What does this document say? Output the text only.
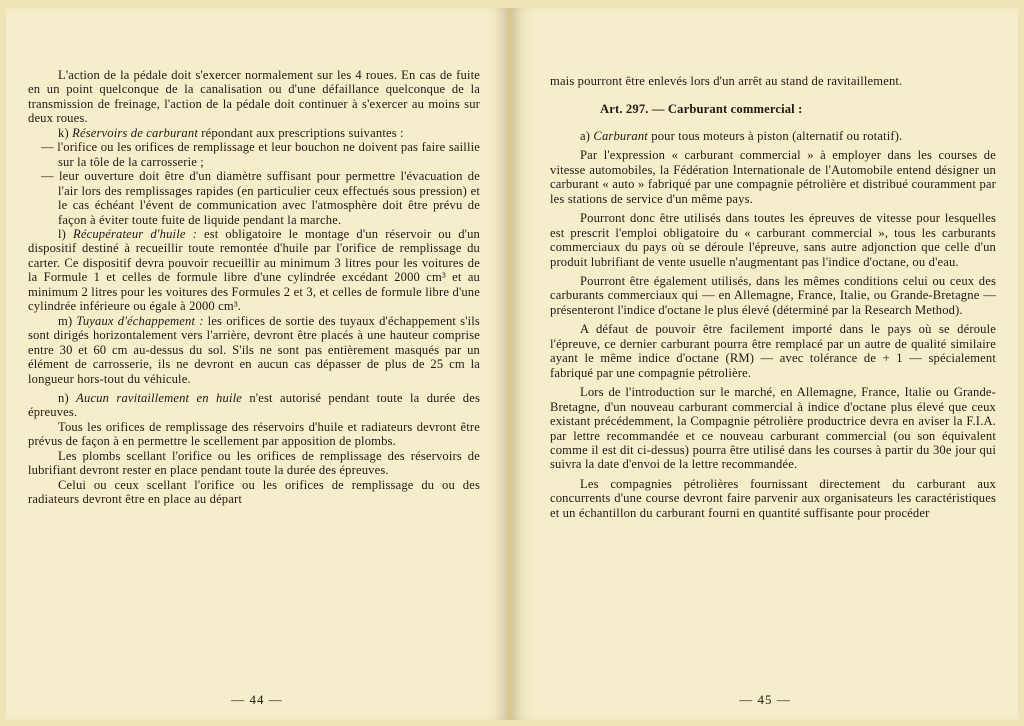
L'action de la pédale doit s'exercer normalement sur les 4 roues. En cas de fuite en un point quelconque de la canalisation ou d'une défaillance quelconque de la transmission de freinage, l'action de la pédale doit continuer à s'exercer au moins sur deux roues.

k) Réservoirs de carburant répondant aux prescriptions suivantes :

— l'orifice ou les orifices de remplissage et leur bouchon ne doivent pas faire saillie sur la tôle de la carrosserie ;

— leur ouverture doit être d'un diamètre suffisant pour permettre l'évacuation de l'air lors des remplissages rapides (en particulier ceux effectués sous pression) et le cas échéant l'évent de communication avec l'atmosphère doit être prévu de façon à éviter toute fuite de liquide pendant la marche.

l) Récupérateur d'huile : est obligatoire le montage d'un réservoir ou d'un dispositif destiné à recueillir toute remontée d'huile par l'orifice de remplissage du carter. Ce dispositif devra pouvoir recueillir au minimum 3 litres pour les voitures de la Formule 1 et celles de formule libre d'une cylindrée excédant 2000 cm³ et au minimum 2 litres pour les voitures des Formules 2 et 3, et celles de formule libre d'une cylindrée inférieure ou égale à 2000 cm³.

m) Tuyaux d'échappement : les orifices de sortie des tuyaux d'échappement s'ils sont dirigés horizontalement vers l'arrière, devront être placés à une hauteur comprise entre 30 et 60 cm au-dessus du sol. S'ils ne sont pas entièrement masqués par un élément de carrosserie, ils ne devront en aucun cas dépasser de plus de 25 cm la longueur hors-tout du véhicule.

n) Aucun ravitaillement en huile n'est autorisé pendant toute la durée des épreuves.

Tous les orifices de remplissage des réservoirs d'huile et radiateurs devront être prévus de façon à en permettre le scellement par apposition de plombs.

Les plombs scellant l'orifice ou les orifices de remplissage des réservoirs de lubrifiant devront rester en place pendant toute la durée des épreuves.

Celui ou ceux scellant l'orifice ou les orifices de remplissage du ou des radiateurs devront être en place au départ

— 44 —

mais pourront être enlevés lors d'un arrêt au stand de ravitaillement.

Art. 297. — Carburant commercial :

a) Carburant pour tous moteurs à piston (alternatif ou rotatif).

Par l'expression « carburant commercial » à employer dans les courses de vitesse automobiles, la Fédération Internationale de l'Automobile entend désigner un carburant « auto » fabriqué par une compagnie pétrolière et distribué couramment par les stations de service d'un même pays.

Pourront donc être utilisés dans toutes les épreuves de vitesse pour lesquelles est prescrit l'emploi obligatoire du « carburant commercial », tous les carburants commerciaux du pays où se déroule l'épreuve, sans autre adjonction que celle d'un produit lubrifiant de vente usuelle n'augmentant pas l'indice d'octane, ou d'eau.

Pourront être également utilisés, dans les mêmes conditions celui ou ceux des carburants commerciaux qui — en Allemagne, France, Italie, ou Grande-Bretagne — présenteront l'indice d'octane le plus élevé (déterminé par la Research Method).

A défaut de pouvoir être facilement importé dans le pays où se déroule l'épreuve, ce dernier carburant pourra être remplacé par un autre de qualité similaire ayant le même indice d'octane (RM) — avec tolérance de + 1 — spécialement fabriqué par une compagnie pétrolière.

Lors de l'introduction sur le marché, en Allemagne, France, Italie ou Grande-Bretagne, d'un nouveau carburant commercial à indice d'octane plus élevé que ceux existant précédemment, la Compagnie pétrolière productrice devra en aviser la F.I.A. par lettre recommandée et ce nouveau carburant commercial (ou son équivalent comme il est dit ci-dessus) pourra être utilisé dans les courses à partir du 30e jour qui suivra la date d'envoi de la lettre recommandée.

Les compagnies pétrolières fournissant directement du carburant aux concurrents d'une course devront faire parvenir aux organisateurs les caractéristiques et un échantillon du carburant fourni en quantité suffisante pour procéder

— 45 —
